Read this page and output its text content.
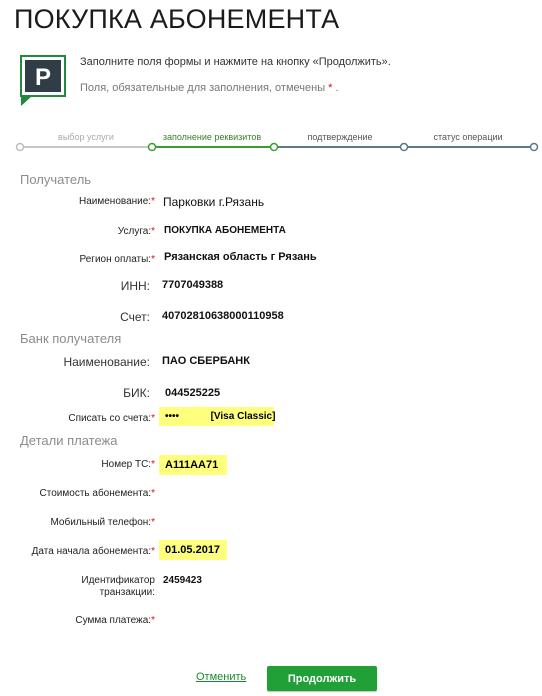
ПОКУПКА АБОНЕМЕНТА
P
Заполните поля формы и нажмите на кнопку «Продолжить».
Поля, обязательные для заполнения, отмечены * .
выбор услуги	заполнение реквизитов	подтверждение	статус операции
Получатель
Наименование:* Парковки г.Рязань
Услуга:* ПОКУПКА АБОНЕМЕНТА
Регион оплаты:* Рязанская область г Рязань
ИНН: 7707049388
Счет: 40702810638000110958
Банк получателя
Наименование: ПАО СБЕРБАНК
БИК: 044525225
Списать со счета:*	••••	[Visa Classic]
Детали платежа
Номер ТС:* А111АА71
Стоимость абонемента:*
Мобильный телефон:*
Дата начала абонемента:* 01.05.2017
Идентификатор
транзакции:
2459423
Сумма платежа:*
Отменить	Продолжить
